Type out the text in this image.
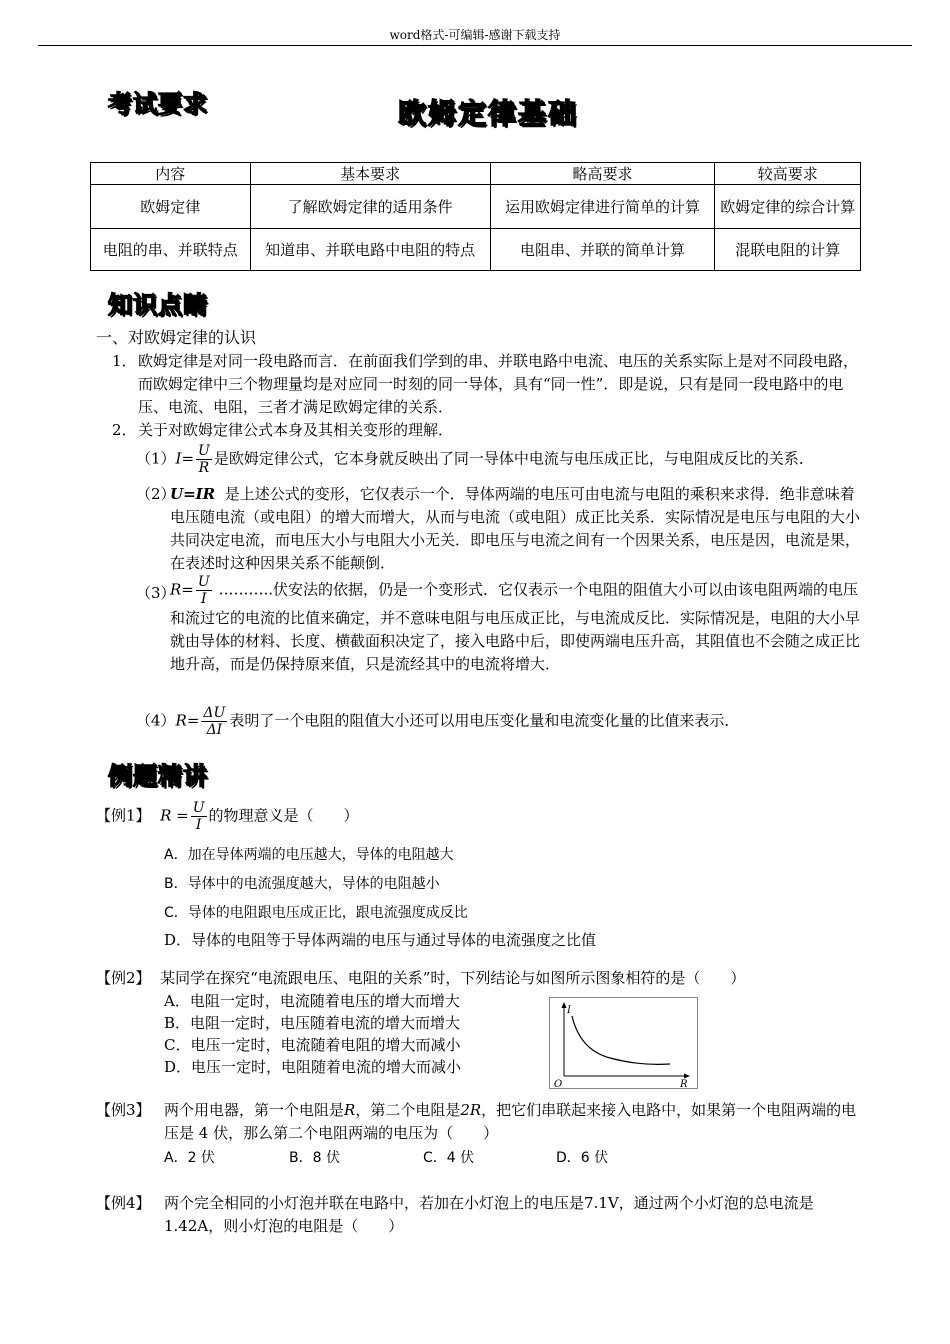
word格式-可编辑-感谢下载支持
考试要求	欧姆定律基础
内容	基本要求	略高要求	较高要求
欧姆定律	了解欧姆定律的适用条件	运用欧姆定律进行简单的计算	欧姆定律的综合计算
电阻的串、并联特点	知道串、并联电路中电阻的特点	电阻串、并联的简单计算	混联电阻的计算
知识点睛
一、对欧姆定律的认识
1． 欧姆定律是对同一段电路而言．在前面我们学到的串、并联电路中电流、电压的关系实际上是对不同段电路，而欧姆定律中三个物理量均是对应同一时刻的同一导体，具有“同一性”．即是说，只有是同一段电路中的电压、电流、电阻，三者才满足欧姆定律的关系．
2． 关于对欧姆定律公式本身及其相关变形的理解．
$(1)I= \frac{U}{R}$ 是欧姆定律公式，它本身就反映出了同一导体中电流与电压成正比，与电阻成反比的关系．
（2）
U=IR 是上述公式的变形，它仅表示一个．导体两端的电压可由电流与电阻的乘积来求得．绝非意味着电压随电流（或电阻）的增大而增大，从而与电流（或电阻）成正比关系．实际情况是电压与电阻的大小共同决定电流，而电压大小与电阻大小无关．即电压与电流之间有一个因果关系，电压是因，电流是果，在表述时这种因果关系不能颠倒．
（3）
$R= \frac{U}{I}$ ………..伏安法的依据，仍是一个变形式．它仅表示一个电阻的阻值大小可以由该电阻两端的电压和流过它的电流的比值来确定，并不意味电阻与电压成正比，与电流成反比．实际情况是，电阻的大小早就由导体的材料、长度、横截面积决定了，接入电路中后，即使两端电压升高，其阻值也不会随之成正比地升高，而是仍保持原来值，只是流经其中的电流将增大．
$(4)R= \frac{\Delta U}{\Delta I}$ 表明了一个电阻的阻值大小还可以用电压变化量和电流变化量的比值来表示．
例题精讲
【例1】 $R = \frac{U}{I}$ 的物理意义是（　　）
A．加在导体两端的电压越大，导体的电阻越大
B．导体中的电流强度越大，导体的电阻越小
C．导体的电阻跟电压成正比，跟电流强度成反比
D．导体的电阻等于导体两端的电压与通过导体的电流强度之比值
【例2】 某同学在探究“电流跟电压、电阻的关系”时，下列结论与如图所示图象相符的是（　　）
A．电阻一定时，电流随着电压的增大而增大
B．电阻一定时，电压随着电流的增大而增大
C．电压一定时，电流随着电阻的增大而减小
D．电压一定时，电阻随着电流的增大而减小
I
R
O
【例3】 两个用电器，第一个电阻是R，第二个电阻是2R，把它们串联起来接入电路中，如果第一个电阻两端的电压是 4 伏，那么第二个电阻两端的电压为（　　）
A．2 伏	B．8 伏	C．4 伏	D．6 伏
【例4】 两个完全相同的小灯泡并联在电路中，若加在小灯泡上的电压是7.1V，通过两个小灯泡的总电流是1.42A，则小灯泡的电阻是（　　）
